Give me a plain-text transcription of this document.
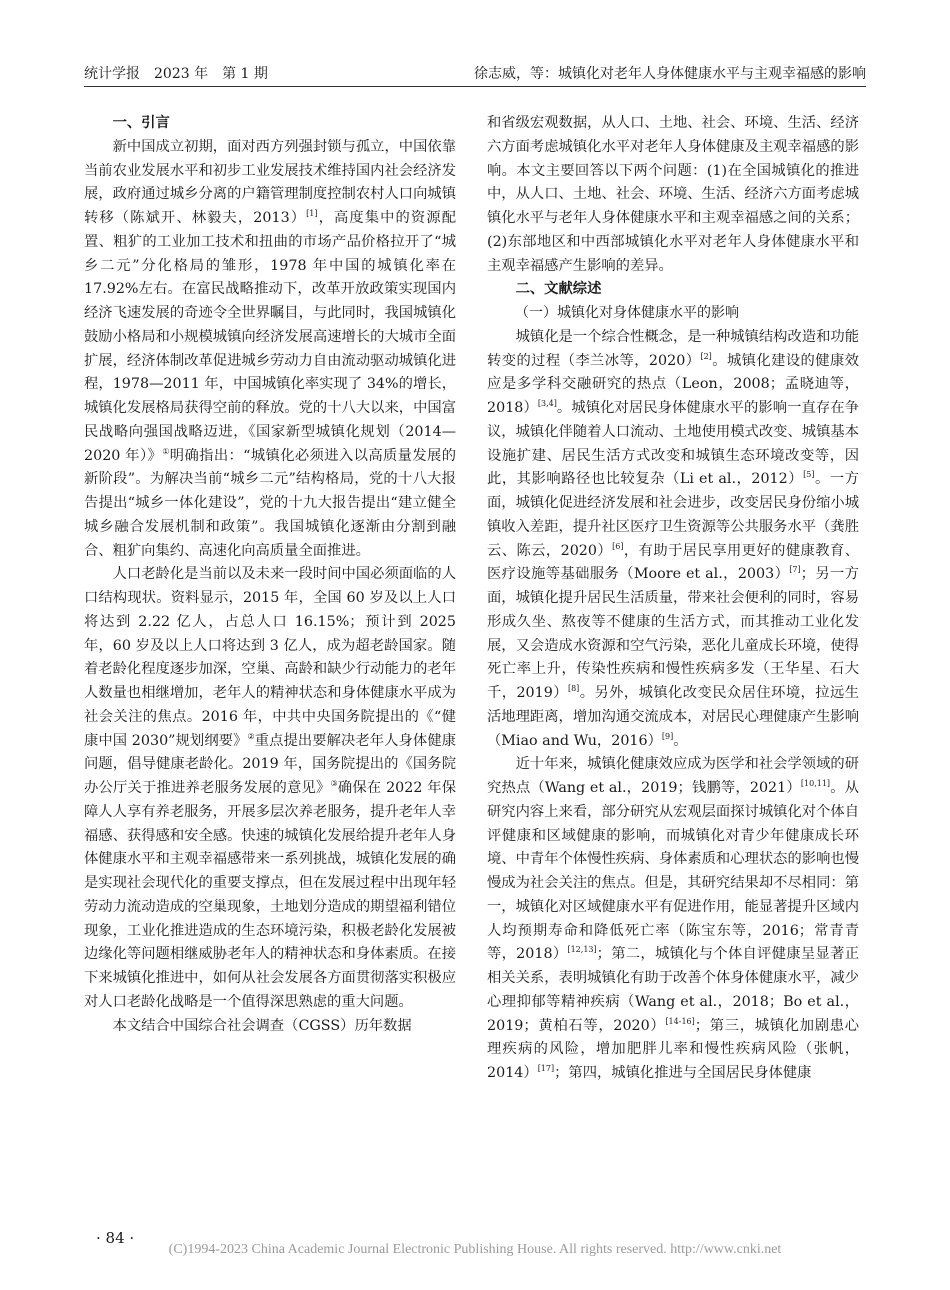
统计学报　2023 年　第 1 期	徐志威，等：城镇化对老年人身体健康水平与主观幸福感的影响
一、引言

新中国成立初期，面对西方列强封锁与孤立，中国依靠当前农业发展水平和初步工业发展技术维持国内社会经济发展，政府通过城乡分离的户籍管理制度控制农村人口向城镇转移（陈斌开、林毅夫，2013）[1]，高度集中的资源配置、粗犷的工业加工技术和扭曲的市场产品价格拉开了“城乡二元”分化格局的雏形，1978 年中国的城镇化率在 17.92%左右。在富民战略推动下，改革开放政策实现国内经济飞速发展的奇迹令全世界瞩目，与此同时，我国城镇化鼓励小格局和小规模城镇向经济发展高速增长的大城市全面扩展，经济体制改革促进城乡劳动力自由流动驱动城镇化进程，1978—2011 年，中国城镇化率实现了 34%的增长，城镇化发展格局获得空前的释放。党的十八大以来，中国富民战略向强国战略迈进，《国家新型城镇化规划（2014—2020 年）》①明确指出：“城镇化必须进入以高质量发展的新阶段”。为解决当前“城乡二元”结构格局，党的十八大报告提出“城乡一体化建设”，党的十九大报告提出“建立健全城乡融合发展机制和政策”。我国城镇化逐渐由分割到融合、粗犷向集约、高速化向高质量全面推进。

人口老龄化是当前以及未来一段时间中国必须面临的人口结构现状。资料显示，2015 年，全国 60 岁及以上人口将达到 2.22 亿人，占总人口 16.15%；预计到 2025 年，60 岁及以上人口将达到 3 亿人，成为超老龄国家。随着老龄化程度逐步加深，空巢、高龄和缺少行动能力的老年人数量也相继增加，老年人的精神状态和身体健康水平成为社会关注的焦点。2016 年，中共中央国务院提出的《“健康中国 2030”规划纲要》②重点提出要解决老年人身体健康问题，倡导健康老龄化。2019 年，国务院提出的《国务院办公厅关于推进养老服务发展的意见》③确保在 2022 年保障人人享有养老服务，开展多层次养老服务，提升老年人幸福感、获得感和安全感。快速的城镇化发展给提升老年人身体健康水平和主观幸福感带来一系列挑战，城镇化发展的确是实现社会现代化的重要支撑点，但在发展过程中出现年轻劳动力流动造成的空巢现象，土地划分造成的期望福利错位现象，工业化推进造成的生态环境污染，积极老龄化发展被边缘化等问题相继威胁老年人的精神状态和身体素质。在接下来城镇化推进中，如何从社会发展各方面贯彻落实积极应对人口老龄化战略是一个值得深思熟虑的重大问题。

本文结合中国综合社会调查（CGSS）历年数据

和省级宏观数据，从人口、土地、社会、环境、生活、经济六方面考虑城镇化水平对老年人身体健康及主观幸福感的影响。本文主要回答以下两个问题：(1)在全国城镇化的推进中，从人口、土地、社会、环境、生活、经济六方面考虑城镇化水平与老年人身体健康水平和主观幸福感之间的关系；(2)东部地区和中西部城镇化水平对老年人身体健康水平和主观幸福感产生影响的差异。

二、文献综述
（一）城镇化对身体健康水平的影响

城镇化是一个综合性概念，是一种城镇结构改造和功能转变的过程（李兰冰等，2020）[2]。城镇化建设的健康效应是多学科交融研究的热点（Leon，2008；孟晓迪等，2018）[3,4]。城镇化对居民身体健康水平的影响一直存在争议，城镇化伴随着人口流动、土地使用模式改变、城镇基本设施扩建、居民生活方式改变和城镇生态环境改变等，因此，其影响路径也比较复杂（Li et al.，2012）[5]。一方面，城镇化促进经济发展和社会进步，改变居民身份缩小城镇收入差距，提升社区医疗卫生资源等公共服务水平（龚胜云、陈云，2020）[6]，有助于居民享用更好的健康教育、医疗设施等基础服务（Moore et al.，2003）[7]；另一方面，城镇化提升居民生活质量，带来社会便利的同时，容易形成久坐、熬夜等不健康的生活方式，而其推动工业化发展，又会造成水资源和空气污染，恶化儿童成长环境，使得死亡率上升，传染性疾病和慢性疾病多发（王华星、石大千，2019）[8]。另外，城镇化改变民众居住环境，拉远生活地理距离，增加沟通交流成本，对居民心理健康产生影响（Miao and Wu，2016）[9]。

近十年来，城镇化健康效应成为医学和社会学领域的研究热点（Wang et al.，2019；钱鹏等，2021）[10,11]。从研究内容上来看，部分研究从宏观层面探讨城镇化对个体自评健康和区域健康的影响，而城镇化对青少年健康成长环境、中青年个体慢性疾病、身体素质和心理状态的影响也慢慢成为社会关注的焦点。但是，其研究结果却不尽相同：第一，城镇化对区域健康水平有促进作用，能显著提升区域内人均预期寿命和降低死亡率（陈宝东等，2016；常青青等，2018）[12,13]；第二，城镇化与个体自评健康呈显著正相关关系，表明城镇化有助于改善个体身体健康水平，减少心理抑郁等精神疾病（Wang et al.，2018；Bo et al.，2019；黄柏石等，2020）[14-16]；第三，城镇化加剧患心理疾病的风险，增加肥胖儿率和慢性疾病风险（张帆，2014）[17]；第四，城镇化推进与全国居民身体健康

· 84 ·
(C)1994-2023 China Academic Journal Electronic Publishing House. All rights reserved. http://www.cnki.net
